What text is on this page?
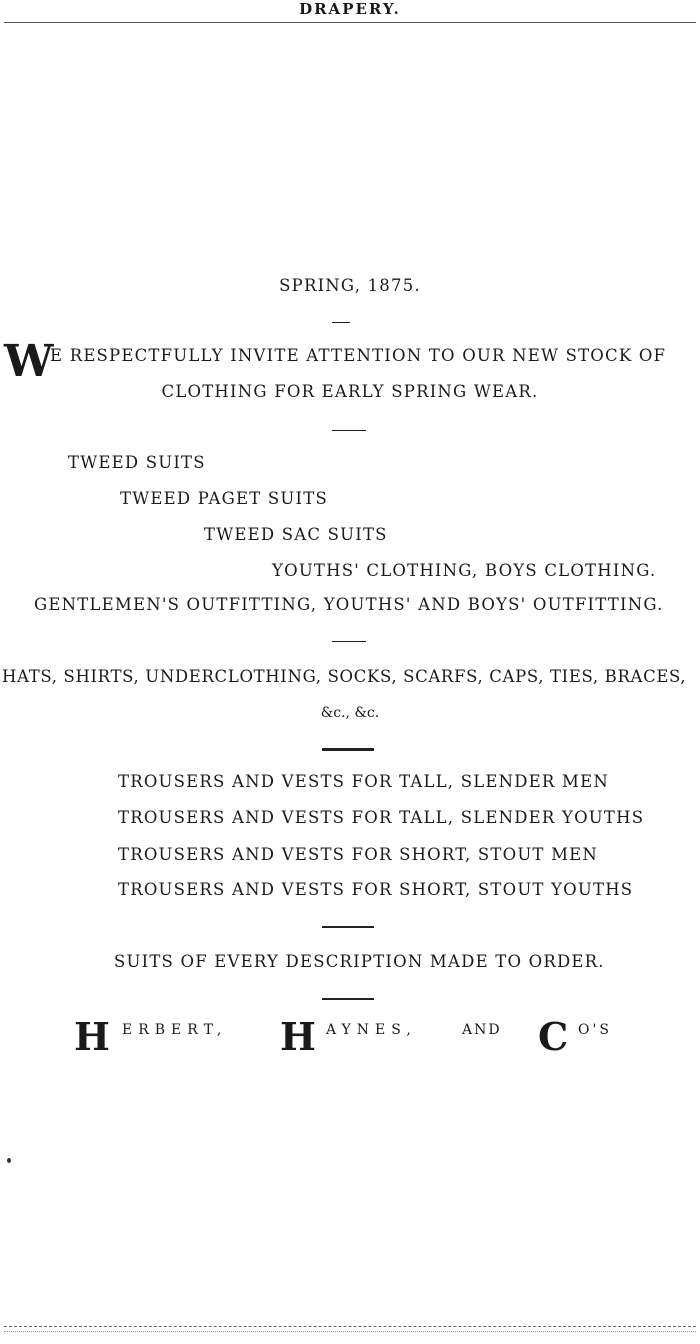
DRAPERY.
SPRING, 1875.
W
E RESPECTFULLY INVITE ATTENTION TO OUR NEW STOCK OF
CLOTHING FOR EARLY SPRING WEAR.
TWEED SUITS
TWEED PAGET SUITS
TWEED SAC SUITS
YOUTHS' CLOTHING, BOYS CLOTHING.
GENTLEMEN'S OUTFITTING, YOUTHS' AND BOYS' OUTFITTING.
HATS, SHIRTS, UNDERCLOTHING, SOCKS, SCARFS, CAPS, TIES, BRACES,
&c., &c.
TROUSERS AND VESTS FOR TALL, SLENDER MEN
TROUSERS AND VESTS FOR TALL, SLENDER YOUTHS
TROUSERS AND VESTS FOR SHORT, STOUT MEN
TROUSERS AND VESTS FOR SHORT, STOUT YOUTHS
SUITS OF EVERY DESCRIPTION MADE TO ORDER.
H ERBERT, H AYNES,	AND C O'S
